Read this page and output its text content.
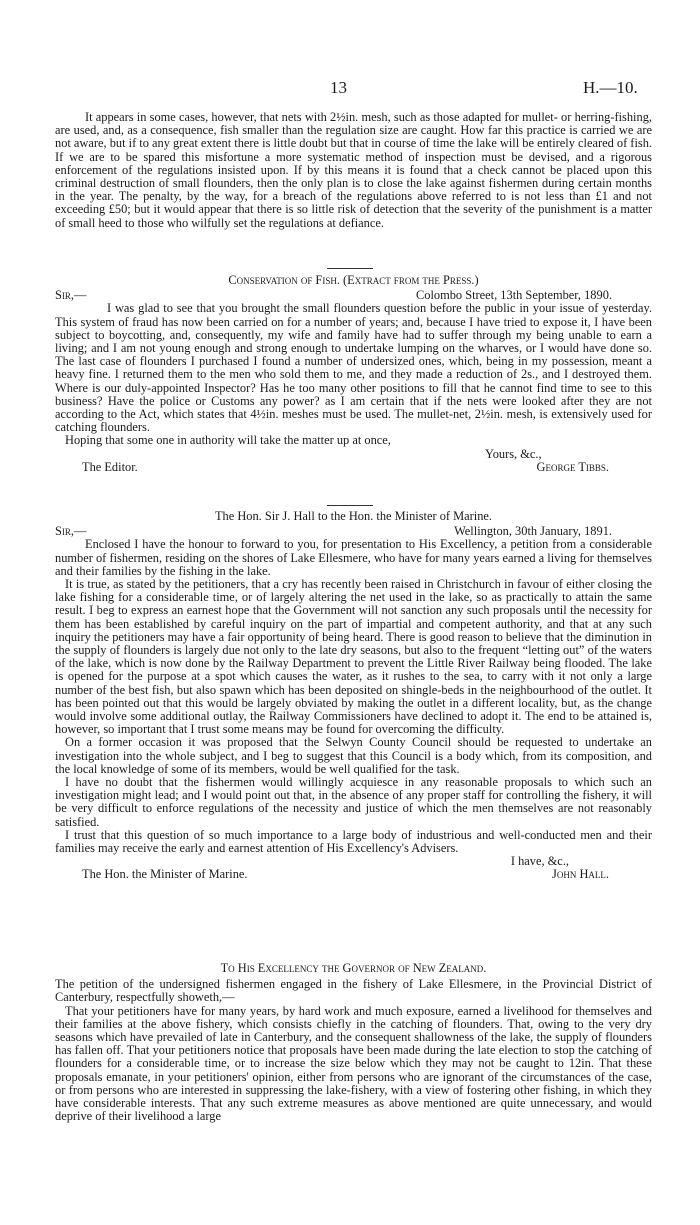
13	H.—10.

It appears in some cases, however, that nets with 2½in. mesh, such as those adapted for mullet- or herring-fishing, are used, and, as a consequence, fish smaller than the regulation size are caught. How far this practice is carried we are not aware, but if to any great extent there is little doubt but that in course of time the lake will be entirely cleared of fish. If we are to be spared this misfortune a more systematic method of inspection must be devised, and a rigorous enforcement of the regulations insisted upon. If by this means it is found that a check cannot be placed upon this criminal destruction of small flounders, then the only plan is to close the lake against fishermen during certain months in the year. The penalty, by the way, for a breach of the regulations above referred to is not less than £1 and not exceeding £50; but it would appear that there is so little risk of detection that the severity of the punishment is a matter of small heed to those who wilfully set the regulations at defiance.

Conservation of Fish. (Extract from the Press.)

Sir,—	Colombo Street, 13th September, 1890.

I was glad to see that you brought the small flounders question before the public in your issue of yesterday. This system of fraud has now been carried on for a number of years; and, because I have tried to expose it, I have been subject to boycotting, and, consequently, my wife and family have had to suffer through my being unable to earn a living; and I am not young enough and strong enough to undertake lumping on the wharves, or I would have done so. The last case of flounders I purchased I found a number of undersized ones, which, being in my possession, meant a heavy fine. I returned them to the men who sold them to me, and they made a reduction of 2s., and I destroyed them. Where is our duly-appointed Inspector? Has he too many other positions to fill that he cannot find time to see to this business? Have the police or Customs any power? as I am certain that if the nets were looked after they are not according to the Act, which states that 4½in. meshes must be used. The mullet-net, 2½in. mesh, is extensively used for catching flounders.

Hoping that some one in authority will take the matter up at once,

Yours, &c.,

The Editor.	George Tibbs.

The Hon. Sir J. Hall to the Hon. the Minister of Marine.

Sir,—	Wellington, 30th January, 1891.

Enclosed I have the honour to forward to you, for presentation to His Excellency, a petition from a considerable number of fishermen, residing on the shores of Lake Ellesmere, who have for many years earned a living for themselves and their families by the fishing in the lake.

It is true, as stated by the petitioners, that a cry has recently been raised in Christchurch in favour of either closing the lake fishing for a considerable time, or of largely altering the net used in the lake, so as practically to attain the same result. I beg to express an earnest hope that the Government will not sanction any such proposals until the necessity for them has been established by careful inquiry on the part of impartial and competent authority, and that at any such inquiry the petitioners may have a fair opportunity of being heard. There is good reason to believe that the diminution in the supply of flounders is largely due not only to the late dry seasons, but also to the frequent “letting out” of the waters of the lake, which is now done by the Railway Department to prevent the Little River Railway being flooded. The lake is opened for the purpose at a spot which causes the water, as it rushes to the sea, to carry with it not only a large number of the best fish, but also spawn which has been deposited on shingle-beds in the neighbourhood of the outlet. It has been pointed out that this would be largely obviated by making the outlet in a different locality, but, as the change would involve some additional outlay, the Railway Commissioners have declined to adopt it. The end to be attained is, however, so important that I trust some means may be found for overcoming the difficulty.

On a former occasion it was proposed that the Selwyn County Council should be requested to undertake an investigation into the whole subject, and I beg to suggest that this Council is a body which, from its composition, and the local knowledge of some of its members, would be well qualified for the task.

I have no doubt that the fishermen would willingly acquiesce in any reasonable proposals to which such an investigation might lead; and I would point out that, in the absence of any proper staff for controlling the fishery, it will be very difficult to enforce regulations of the necessity and justice of which the men themselves are not reasonably satisfied.

I trust that this question of so much importance to a large body of industrious and well-conducted men and their families may receive the early and earnest attention of His Excellency's Advisers.

I have, &c.,
The Hon. the Minister of Marine.	John Hall.

To His Excellency the Governor of New Zealand.

The petition of the undersigned fishermen engaged in the fishery of Lake Ellesmere, in the Provincial District of Canterbury, respectfully showeth,—

That your petitioners have for many years, by hard work and much exposure, earned a livelihood for themselves and their families at the above fishery, which consists chiefly in the catching of flounders. That, owing to the very dry seasons which have prevailed of late in Canterbury, and the consequent shallowness of the lake, the supply of flounders has fallen off. That your petitioners notice that proposals have been made during the late election to stop the catching of flounders for a considerable time, or to increase the size below which they may not be caught to 12in. That these proposals emanate, in your petitioners' opinion, either from persons who are ignorant of the circumstances of the case, or from persons who are interested in suppressing the lake-fishery, with a view of fostering other fishing, in which they have considerable interests. That any such extreme measures as above mentioned are quite unnecessary, and would deprive of their livelihood a large
